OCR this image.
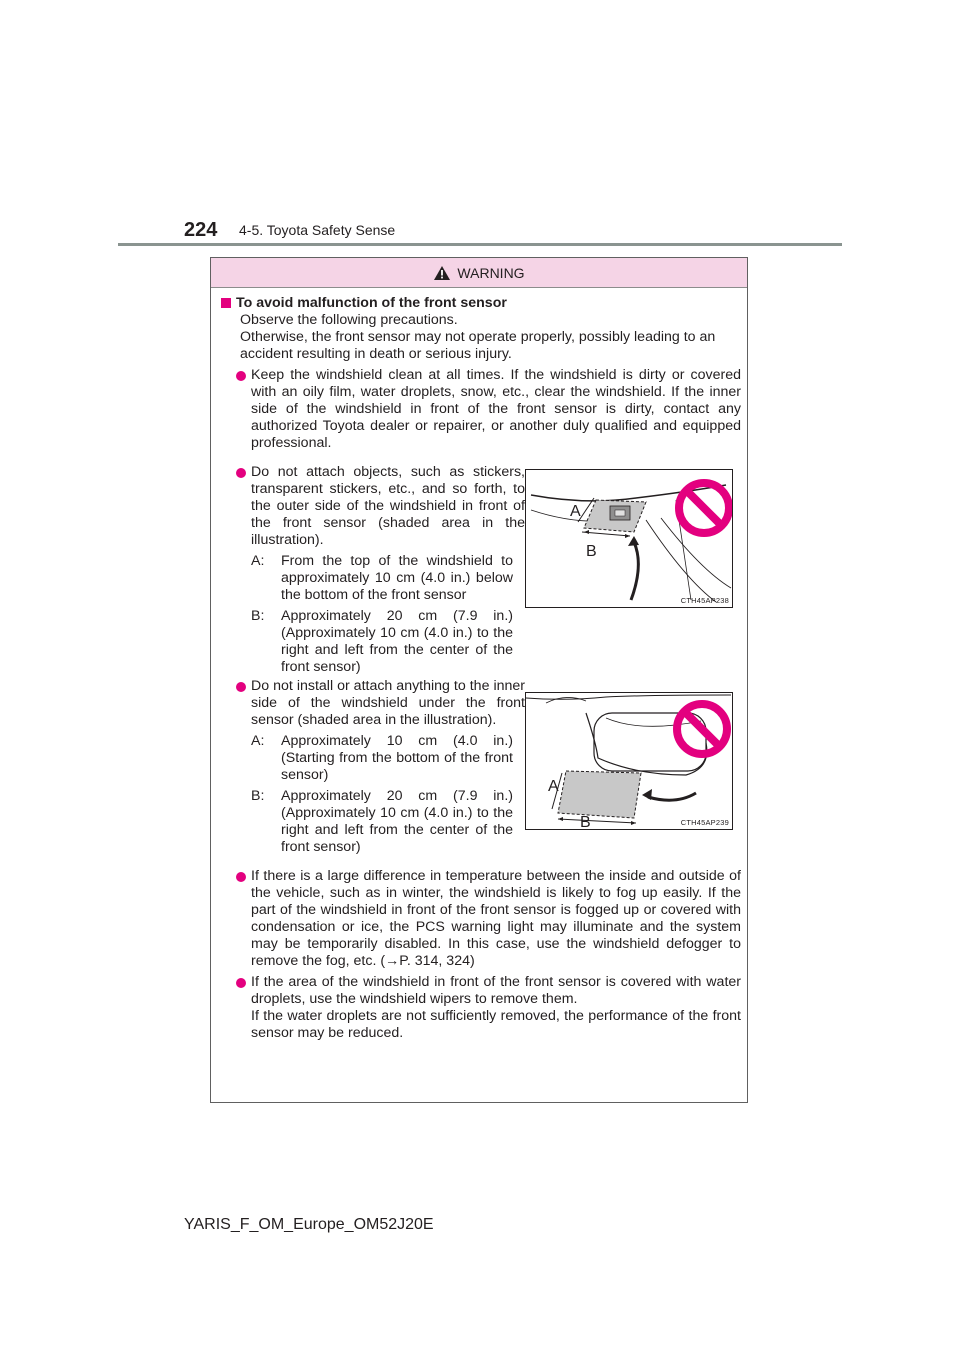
224 4-5. Toyota Safety Sense
WARNING
To avoid malfunction of the front sensor
Observe the following precautions.
Otherwise, the front sensor may not operate properly, possibly leading to an accident resulting in death or serious injury.
Keep the windshield clean at all times. If the windshield is dirty or covered with an oily film, water droplets, snow, etc., clear the windshield. If the inner side of the windshield in front of the front sensor is dirty, contact any authorized Toyota dealer or repairer, or another duly qualified and equipped professional.
Do not attach objects, such as stickers, transparent stickers, etc., and so forth, to the outer side of the windshield in front of the front sensor (shaded area in the illustration).
A: From the top of the windshield to approximately 10 cm (4.0 in.) below the bottom of the front sensor
B: Approximately 20 cm (7.9 in.) (Approximately 10 cm (4.0 in.) to the right and left from the center of the front sensor)
Do not install or attach anything to the inner side of the windshield under the front sensor (shaded area in the illustration).
A: Approximately 10 cm (4.0 in.) (Starting from the bottom of the front sensor)
B: Approximately 20 cm (7.9 in.) (Approximately 10 cm (4.0 in.) to the right and left from the center of the front sensor)
If there is a large difference in temperature between the inside and outside of the vehicle, such as in winter, the windshield is likely to fog up easily. If the part of the windshield in front of the front sensor is fogged up or covered with condensation or ice, the PCS warning light may illuminate and the system may be temporarily disabled. In this case, use the windshield defogger to remove the fog, etc. (→P. 314, 324)
If the area of the windshield in front of the front sensor is covered with water droplets, use the windshield wipers to remove them.
If the water droplets are not sufficiently removed, the performance of the front sensor may be reduced.
A
B
CTH45AP238
A
B	CTH45AP239
YARIS_F_OM_Europe_OM52J20E
